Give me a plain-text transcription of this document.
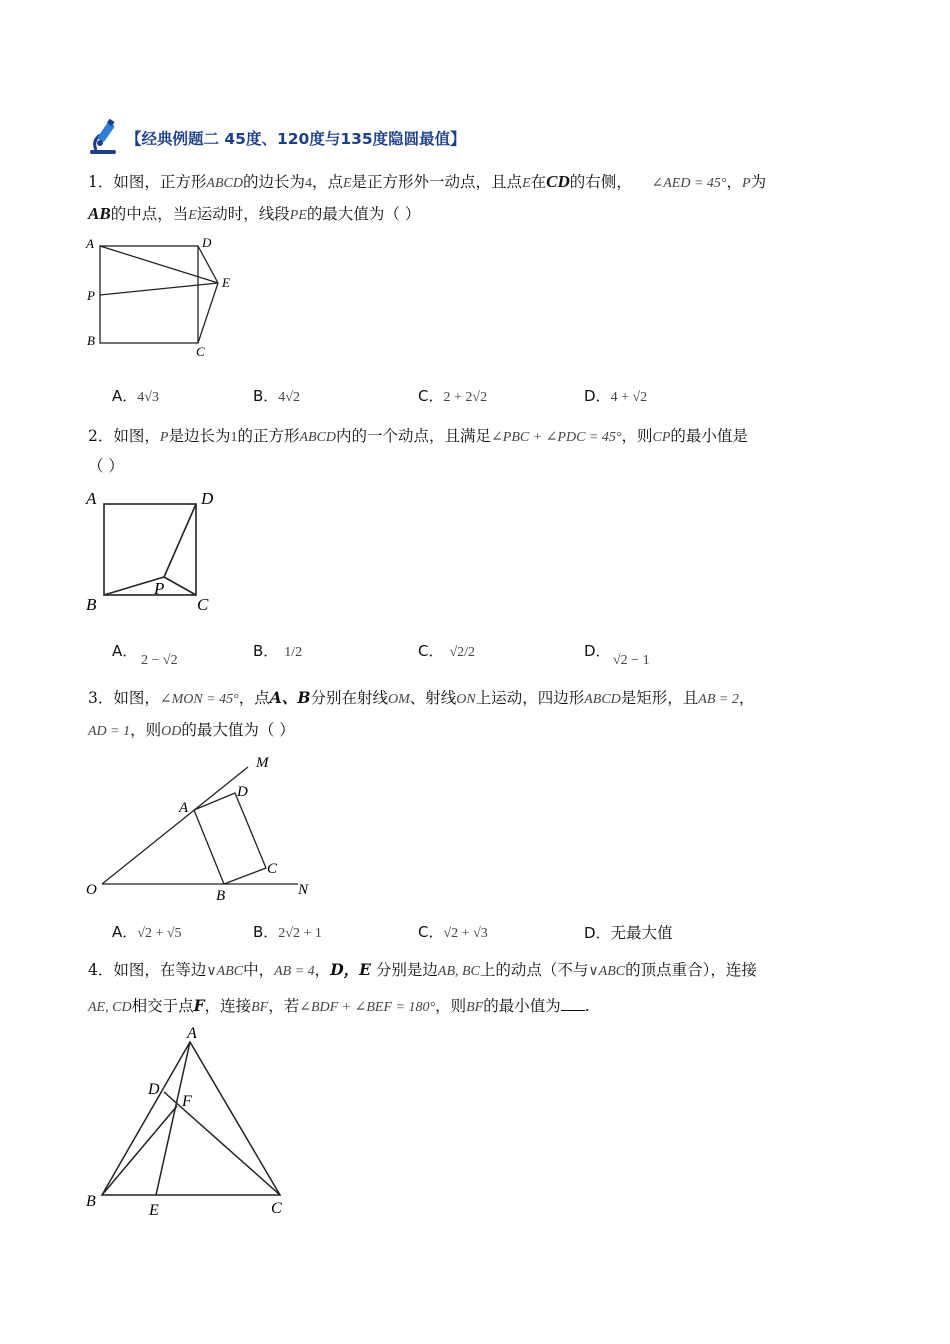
【经典例题二 45度、120度与135度隐圆最值】
1．如图，正方形ABCD的边长为4，点E是正方形外一动点，且点E在CD的右侧， ∠AED = 45°，P为
AB的中点，当E运动时，线段PE的最大值为（ ）
A	D
E
P
B
C
A．4√3	B．4√2	C．2 + 2√2	D．4 + √2
2．如图，P是边长为1的正方形ABCD内的一个动点，且满足∠PBC + ∠PDC = 45°，则CP的最小值是
（ ）
A	D
B
P
C
A．
2 − √2
B． 1/2	C． √2/2	D．
√2 − 1
3．如图，∠MON = 45°，点A、B分别在射线OM、射线ON上运动，四边形ABCD是矩形，且AB = 2，
AD = 1，则OD的最大值为（ ）
M
A
D
C
O	B	N
A．√2 + √5	B．2√2 + 1	C．√2 + √3	D．无最大值
4．如图，在等边∨ABC中，AB = 4，D，E 分别是边AB, BC上的动点（不与∨ABC的顶点重合），连接
AE, CD相交于点F，连接BF，若∠BDF + ∠BEF = 180°，则BF的最小值为 .
A
D
F
B
E	C
